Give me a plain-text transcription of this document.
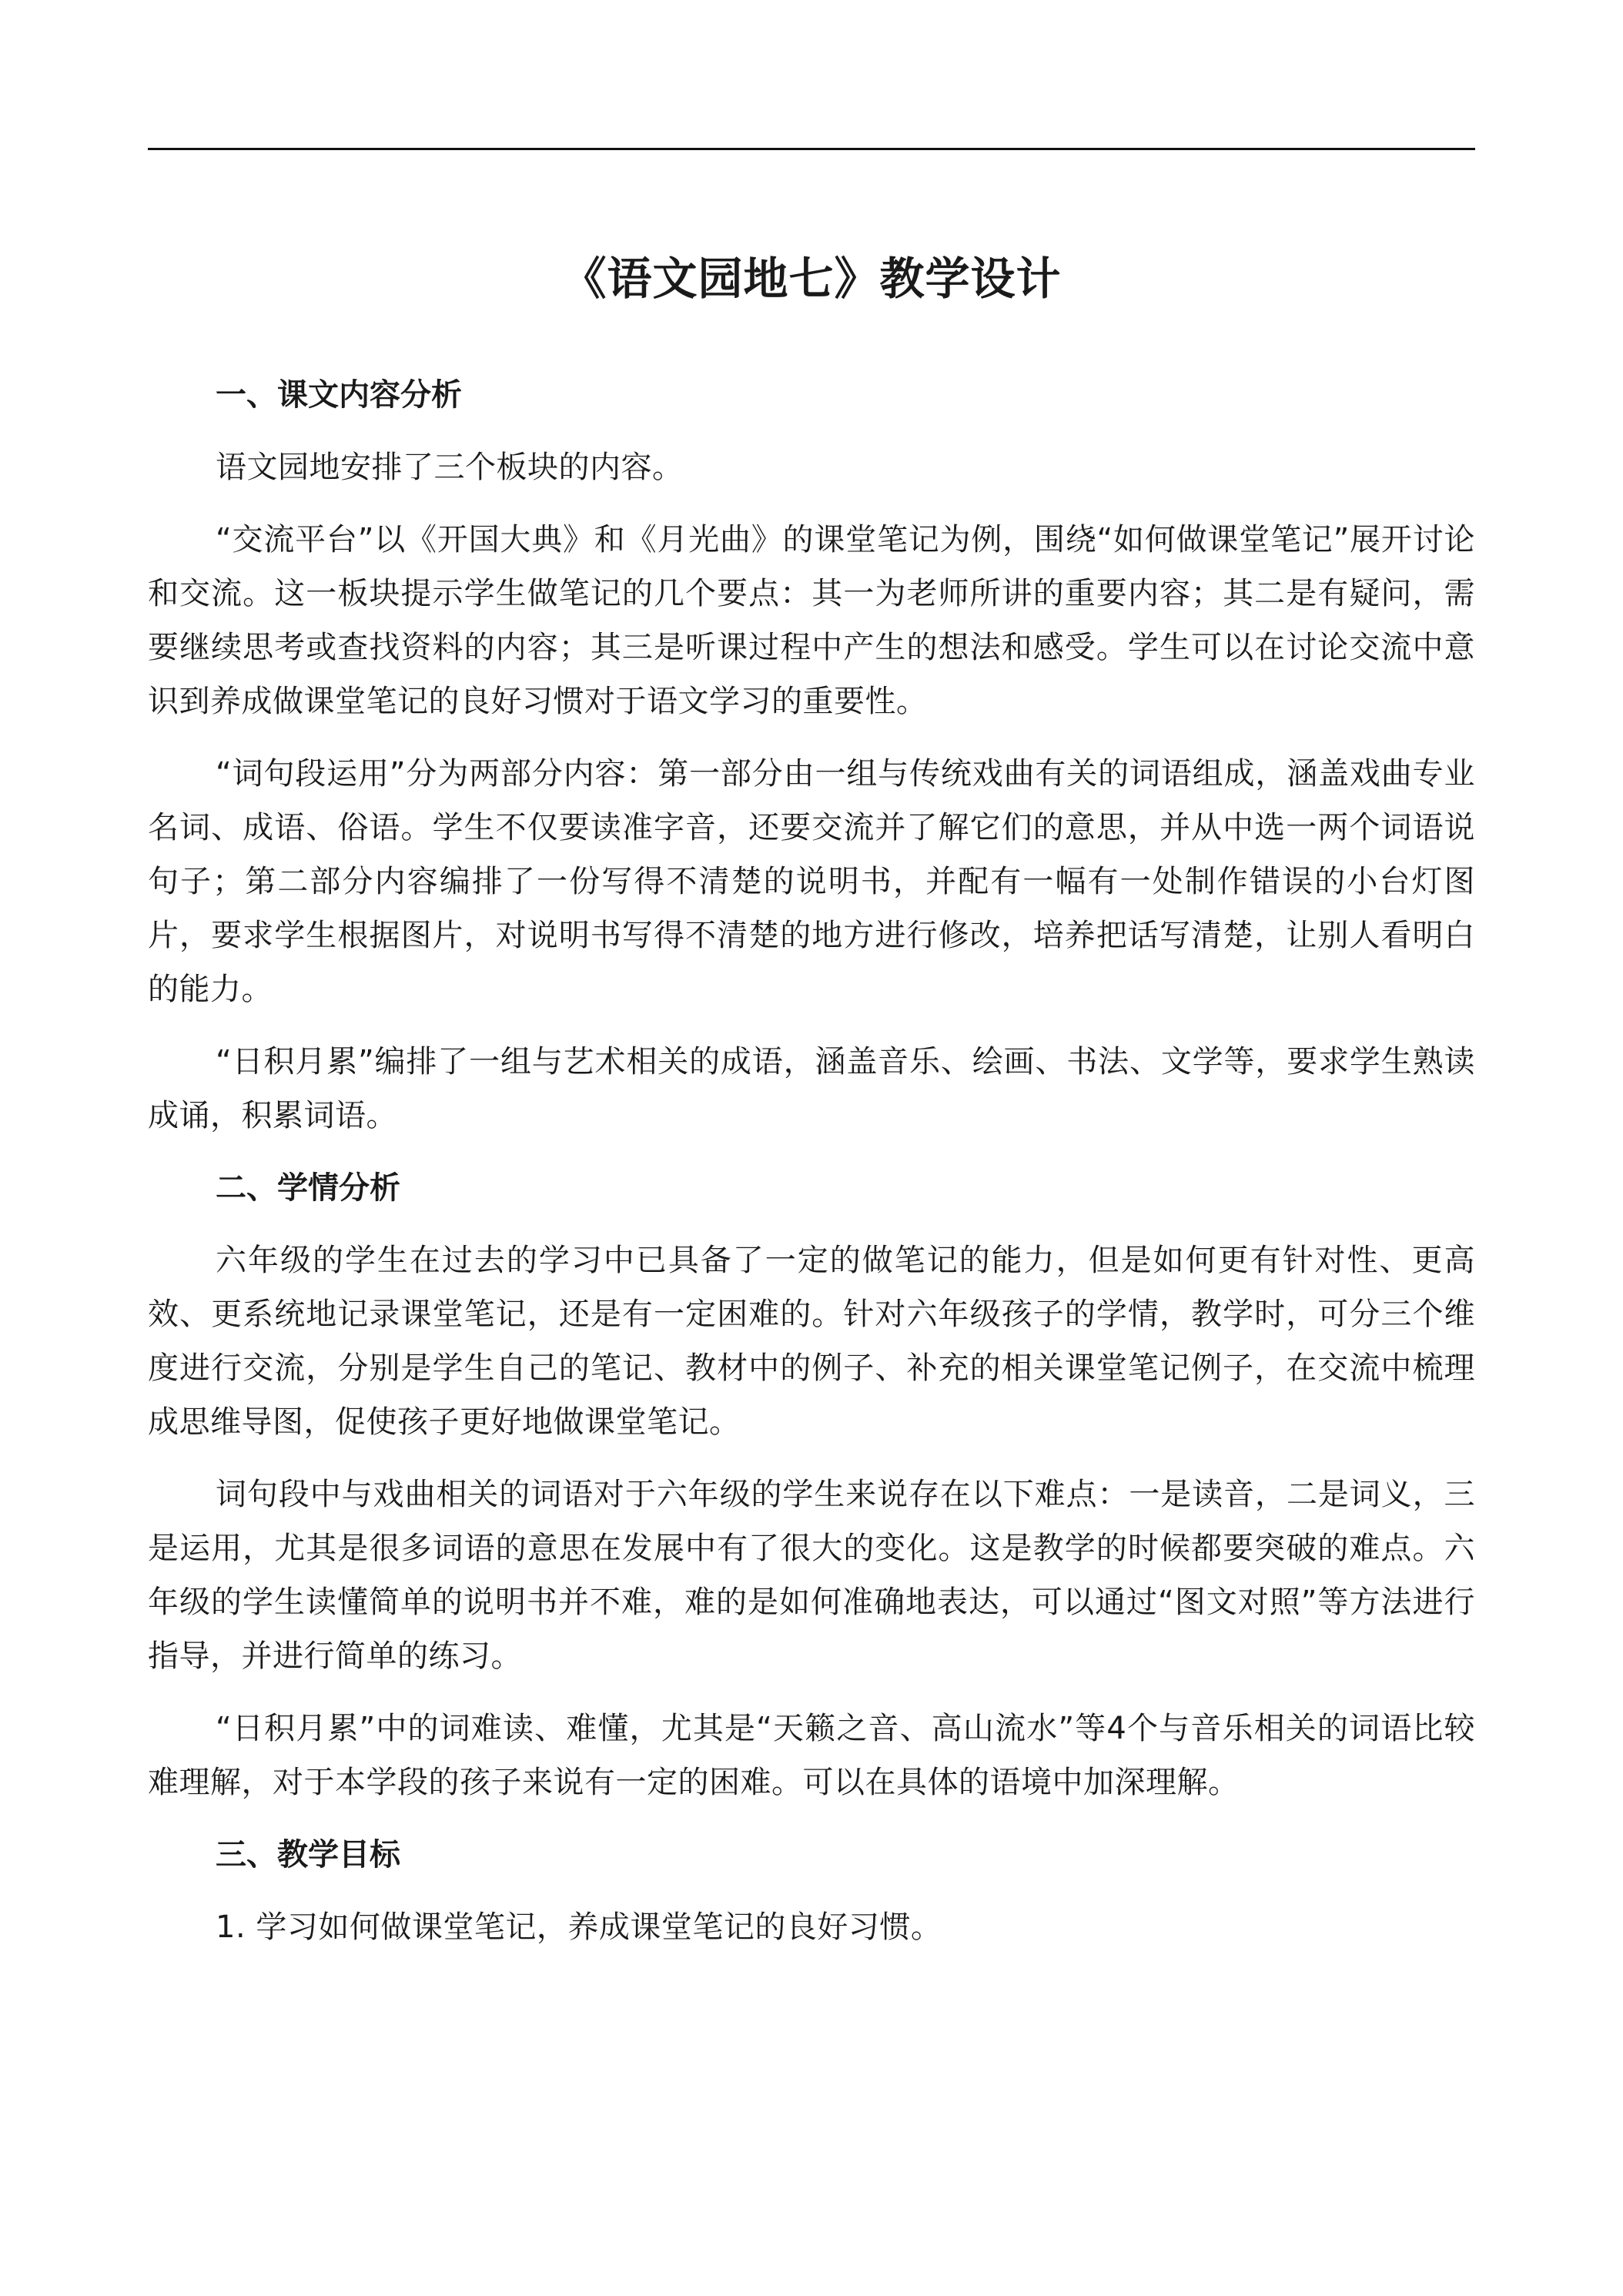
《语文园地七》教学设计
一、课文内容分析

语文园地安排了三个板块的内容。

“交流平台”以《开国大典》和《月光曲》的课堂笔记为例，围绕“如何做课堂笔记”展开讨论和交流。这一板块提示学生做笔记的几个要点：其一为老师所讲的重要内容；其二是有疑问，需要继续思考或查找资料的内容；其三是听课过程中产生的想法和感受。学生可以在讨论交流中意识到养成做课堂笔记的良好习惯对于语文学习的重要性。

“词句段运用”分为两部分内容：第一部分由一组与传统戏曲有关的词语组成，涵盖戏曲专业名词、成语、俗语。学生不仅要读准字音，还要交流并了解它们的意思，并从中选一两个词语说句子；第二部分内容编排了一份写得不清楚的说明书，并配有一幅有一处制作错误的小台灯图片，要求学生根据图片，对说明书写得不清楚的地方进行修改，培养把话写清楚，让别人看明白的能力。

“日积月累”编排了一组与艺术相关的成语，涵盖音乐、绘画、书法、文学等，要求学生熟读成诵，积累词语。

二、学情分析

六年级的学生在过去的学习中已具备了一定的做笔记的能力，但是如何更有针对性、更高效、更系统地记录课堂笔记，还是有一定困难的。针对六年级孩子的学情，教学时，可分三个维度进行交流，分别是学生自己的笔记、教材中的例子、补充的相关课堂笔记例子，在交流中梳理成思维导图，促使孩子更好地做课堂笔记。

词句段中与戏曲相关的词语对于六年级的学生来说存在以下难点：一是读音，二是词义，三是运用，尤其是很多词语的意思在发展中有了很大的变化。这是教学的时候都要突破的难点。六年级的学生读懂简单的说明书并不难，难的是如何准确地表达，可以通过“图文对照”等方法进行指导，并进行简单的练习。

“日积月累”中的词难读、难懂，尤其是“天籁之音、高山流水”等4个与音乐相关的词语比较难理解，对于本学段的孩子来说有一定的困难。可以在具体的语境中加深理解。

三、教学目标

1. 学习如何做课堂笔记，养成课堂笔记的良好习惯。
